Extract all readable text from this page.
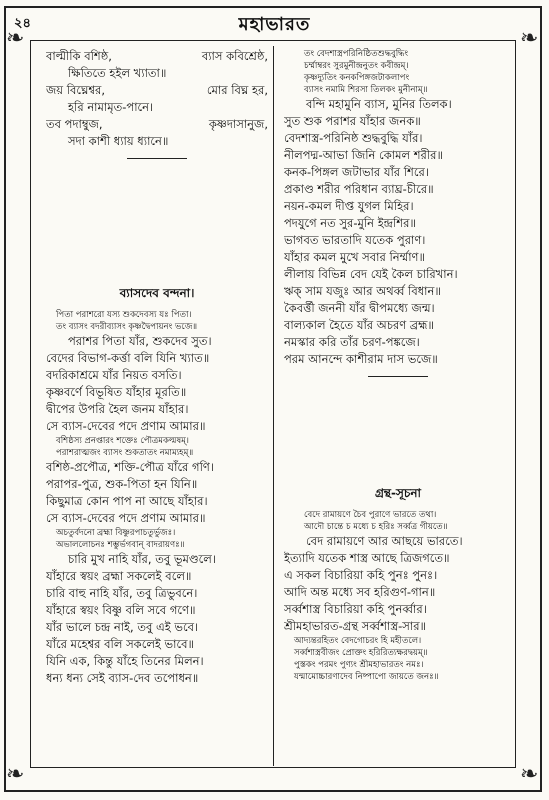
❧	❧
❧	❧
২৪	মহাভারত
বাল্মীকি বশিষ্ঠ,	ব্যাস কবিশ্রেষ্ঠ,
ক্ষিতিতে হইল খ্যাতা॥
জয় বিঘ্নেশ্বর,	মোর বিঘ্ন হর,
হরি নামামৃত-পানে।
তব পদাম্বুজ,	কৃষ্ণদাসানুজ,
সদা কাশী ধ্যায় ধ্যানে॥
ব্যাসদেব বন্দনা।
পিতা পরাশরো যস্য শুকদেবস্য যঃ পিতা।
তং ব্যাসং বদরীব্যাসং কৃষ্ণদ্বৈপায়নং ভজে॥
পরাশর পিতা যাঁর, শুকদেব সুত।
বেদের বিভাগ-কর্ত্তা বলি যিনি খ্যাত॥
বদরিকাশ্রমে যাঁর নিয়ত বসতি।
কৃষ্ণবর্ণে বিভূষিত যাঁহার মূরতি॥
দ্বীপের উপরি হৈল জনম যাঁহার।
সে ব্যাস-দেবের পদে প্রণাম আমার॥
বশিষ্ঠস্য প্রনপ্তারং শক্তেঃ পৌত্রমকল্মষম্।
পরাশরাত্মজং ব্যাসং শুকতাতং নমাম্যহম্॥
বশিষ্ঠ-প্রপৌত্র, শক্তি-পৌত্র যাঁরে গণি।
পরাপর-পুত্র, শুক-পিতা হন যিনি॥
কিছুমাত্র কোন পাপ না আছে যাঁহার।
সে ব্যাস-দেবের পদে প্রণাম আমার॥
অচতুর্বদনো ব্রহ্মা বিষ্ণুরপাচতুর্ভুজঃ।
অভাললোচনঃ শম্ভুর্ভগবান্ বাদরায়ণঃ॥
চারি মুখ নাহি যাঁর, তবু ভূমণ্ডলে।
যাঁহারে স্বয়ং ব্রহ্মা সকলেই বলে॥
চারি বাহু নাহি যাঁর, তবু ত্রিভুবনে।
যাঁহারে স্বয়ং বিষ্ণু বলি সবে গণে॥
যাঁর ভালে চন্দ্র নাই, তবু এই ভবে।
যাঁরে মহেশ্বর বলি সকলেই ভাবে॥
যিনি এক, কিন্তু যাঁহে তিনের মিলন।
ধন্য ধন্য সেই ব্যাস-দেব তপোধন॥
তং বেদশাস্ত্রপরিনিষ্ঠিতশুদ্ধবুদ্ধিং
চর্ম্মাম্বরং সুরমুনীন্দ্রনুতং কবীন্দ্রম্।
কৃষ্ণদ্যুতিং কনকপিঙ্গজটাকলাপং
ব্যাসং নমামি শিরসা তিলকং মুনীনাম্॥
বন্দি মহামুনি ব্যাস, মুনির তিলক।
সুত শুক পরাশর যাঁহার জনক॥
বেদশাস্ত্র-পরিনিষ্ঠ শুদ্ধবুদ্ধি যাঁর।
নীলপদ্ম-আভা জিনি কোমল শরীর॥
কনক-পিঙ্গল জটাভার যাঁর শিরে।
প্রকাণ্ড শরীর পরিধান ব্যাঘ্র-চীরে॥
নয়ন-কমল দীপ্ত যুগল মিহির।
পদযুগে নত সুর-মুনি ইন্দ্রশির॥
ভাগবত ভারতাদি যতেক পুরাণ।
যাঁহার কমল মুখে সবার নির্ম্মাণ॥
লীলায় বিভিন্ন বেদ যেই কৈল চারিখান।
ঋক্ সাম যজুঃ আর অথর্ব্ব বিধান॥
কৈবর্ত্তী জননী যাঁর দ্বীপমধ্যে জন্ম।
বাল্যকাল হৈতে যাঁর অচরণ ব্রহ্ম॥
নমস্কার করি তাঁর চরণ-পঙ্কজে।
পরম আনন্দে কাশীরাম দাস ভজে॥
গ্রন্থ-সূচনা
বেদে রামায়ণে চৈব পুরাণে ভারতে তথা।
আদৌ চান্তে চ মধ্যে চ হরিঃ সর্ব্বত্র গীয়তে॥
বেদ রামায়ণে আর আছয়ে ভারতে।
ইত্যাদি যতেক শাস্ত্র আছে ত্রিজগতে॥
এ সকল বিচারিয়া কহি পুনঃ পুনঃ।
আদি অন্ত মধ্যে সব হরিগুণ-গান॥
সর্ব্বশাস্ত্র বিচারিয়া কহি পুনর্ব্বার।
শ্রীমহাভারত-গ্রন্থ সর্ব্বশাস্ত্র-সার॥
আদ্যন্তরহিতং বেদগোচরং হি মহীতলে।
সর্ব্বশাস্ত্রবীজং প্রোক্তং হরিরিত্যক্ষরদ্বয়ম্॥
পুস্তকং পরমং পুণ্যং শ্রীমহাভারতং নমঃ।
যন্মামোচ্চারণাদেব নিষ্পাপো জায়তে জনঃ॥
